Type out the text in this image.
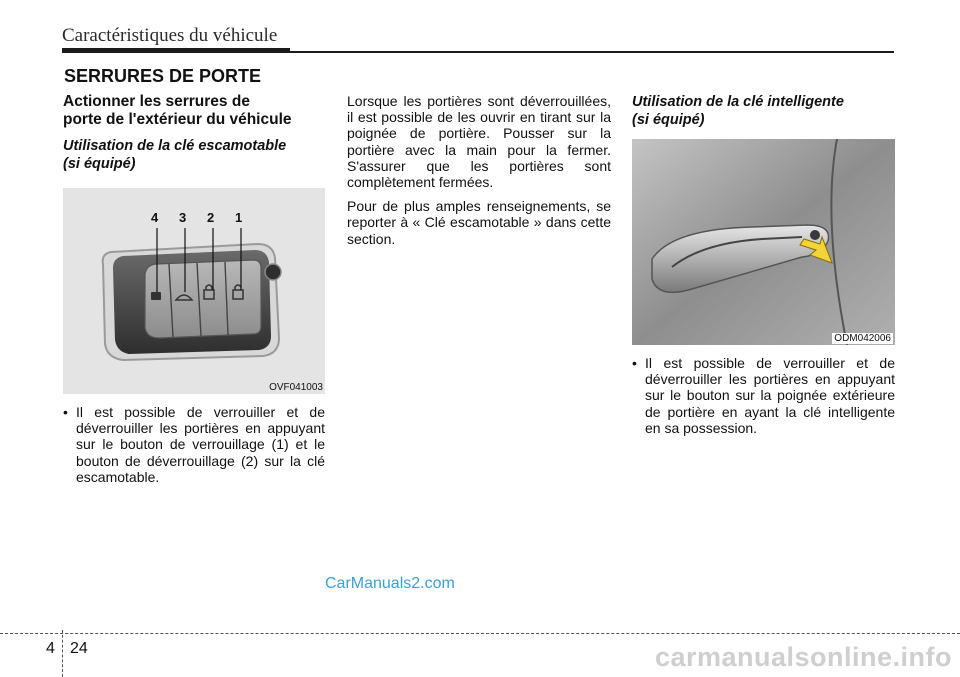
Caractéristiques du véhicule
SERRURES DE PORTE
Actionner les serrures de
porte de l'extérieur du véhicule
Utilisation de la clé escamotable
(si équipé)
4 3 2 1
OVF041003
• Il est possible de verrouiller et de déverrouiller les portières en appuyant sur le bouton de verrouillage (1) et le bouton de déverrouillage (2) sur la clé escamotable.

Lorsque les portières sont déverrouillées, il est possible de les ouvrir en tirant sur la poignée de portière. Pousser sur la portière avec la main pour la fermer. S'assurer que les portières sont complètement fermées.

Pour de plus amples renseignements, se reporter à « Clé escamotable » dans cette section.

Utilisation de la clé intelligente
(si équipé)
ODM042006
• Il est possible de verrouiller et de déverrouiller les portières en appuyant sur le bouton sur la poignée extérieure de portière en ayant la clé intelligente en sa possession.
CarManuals2.com
4 24	carmanualsonline.info
